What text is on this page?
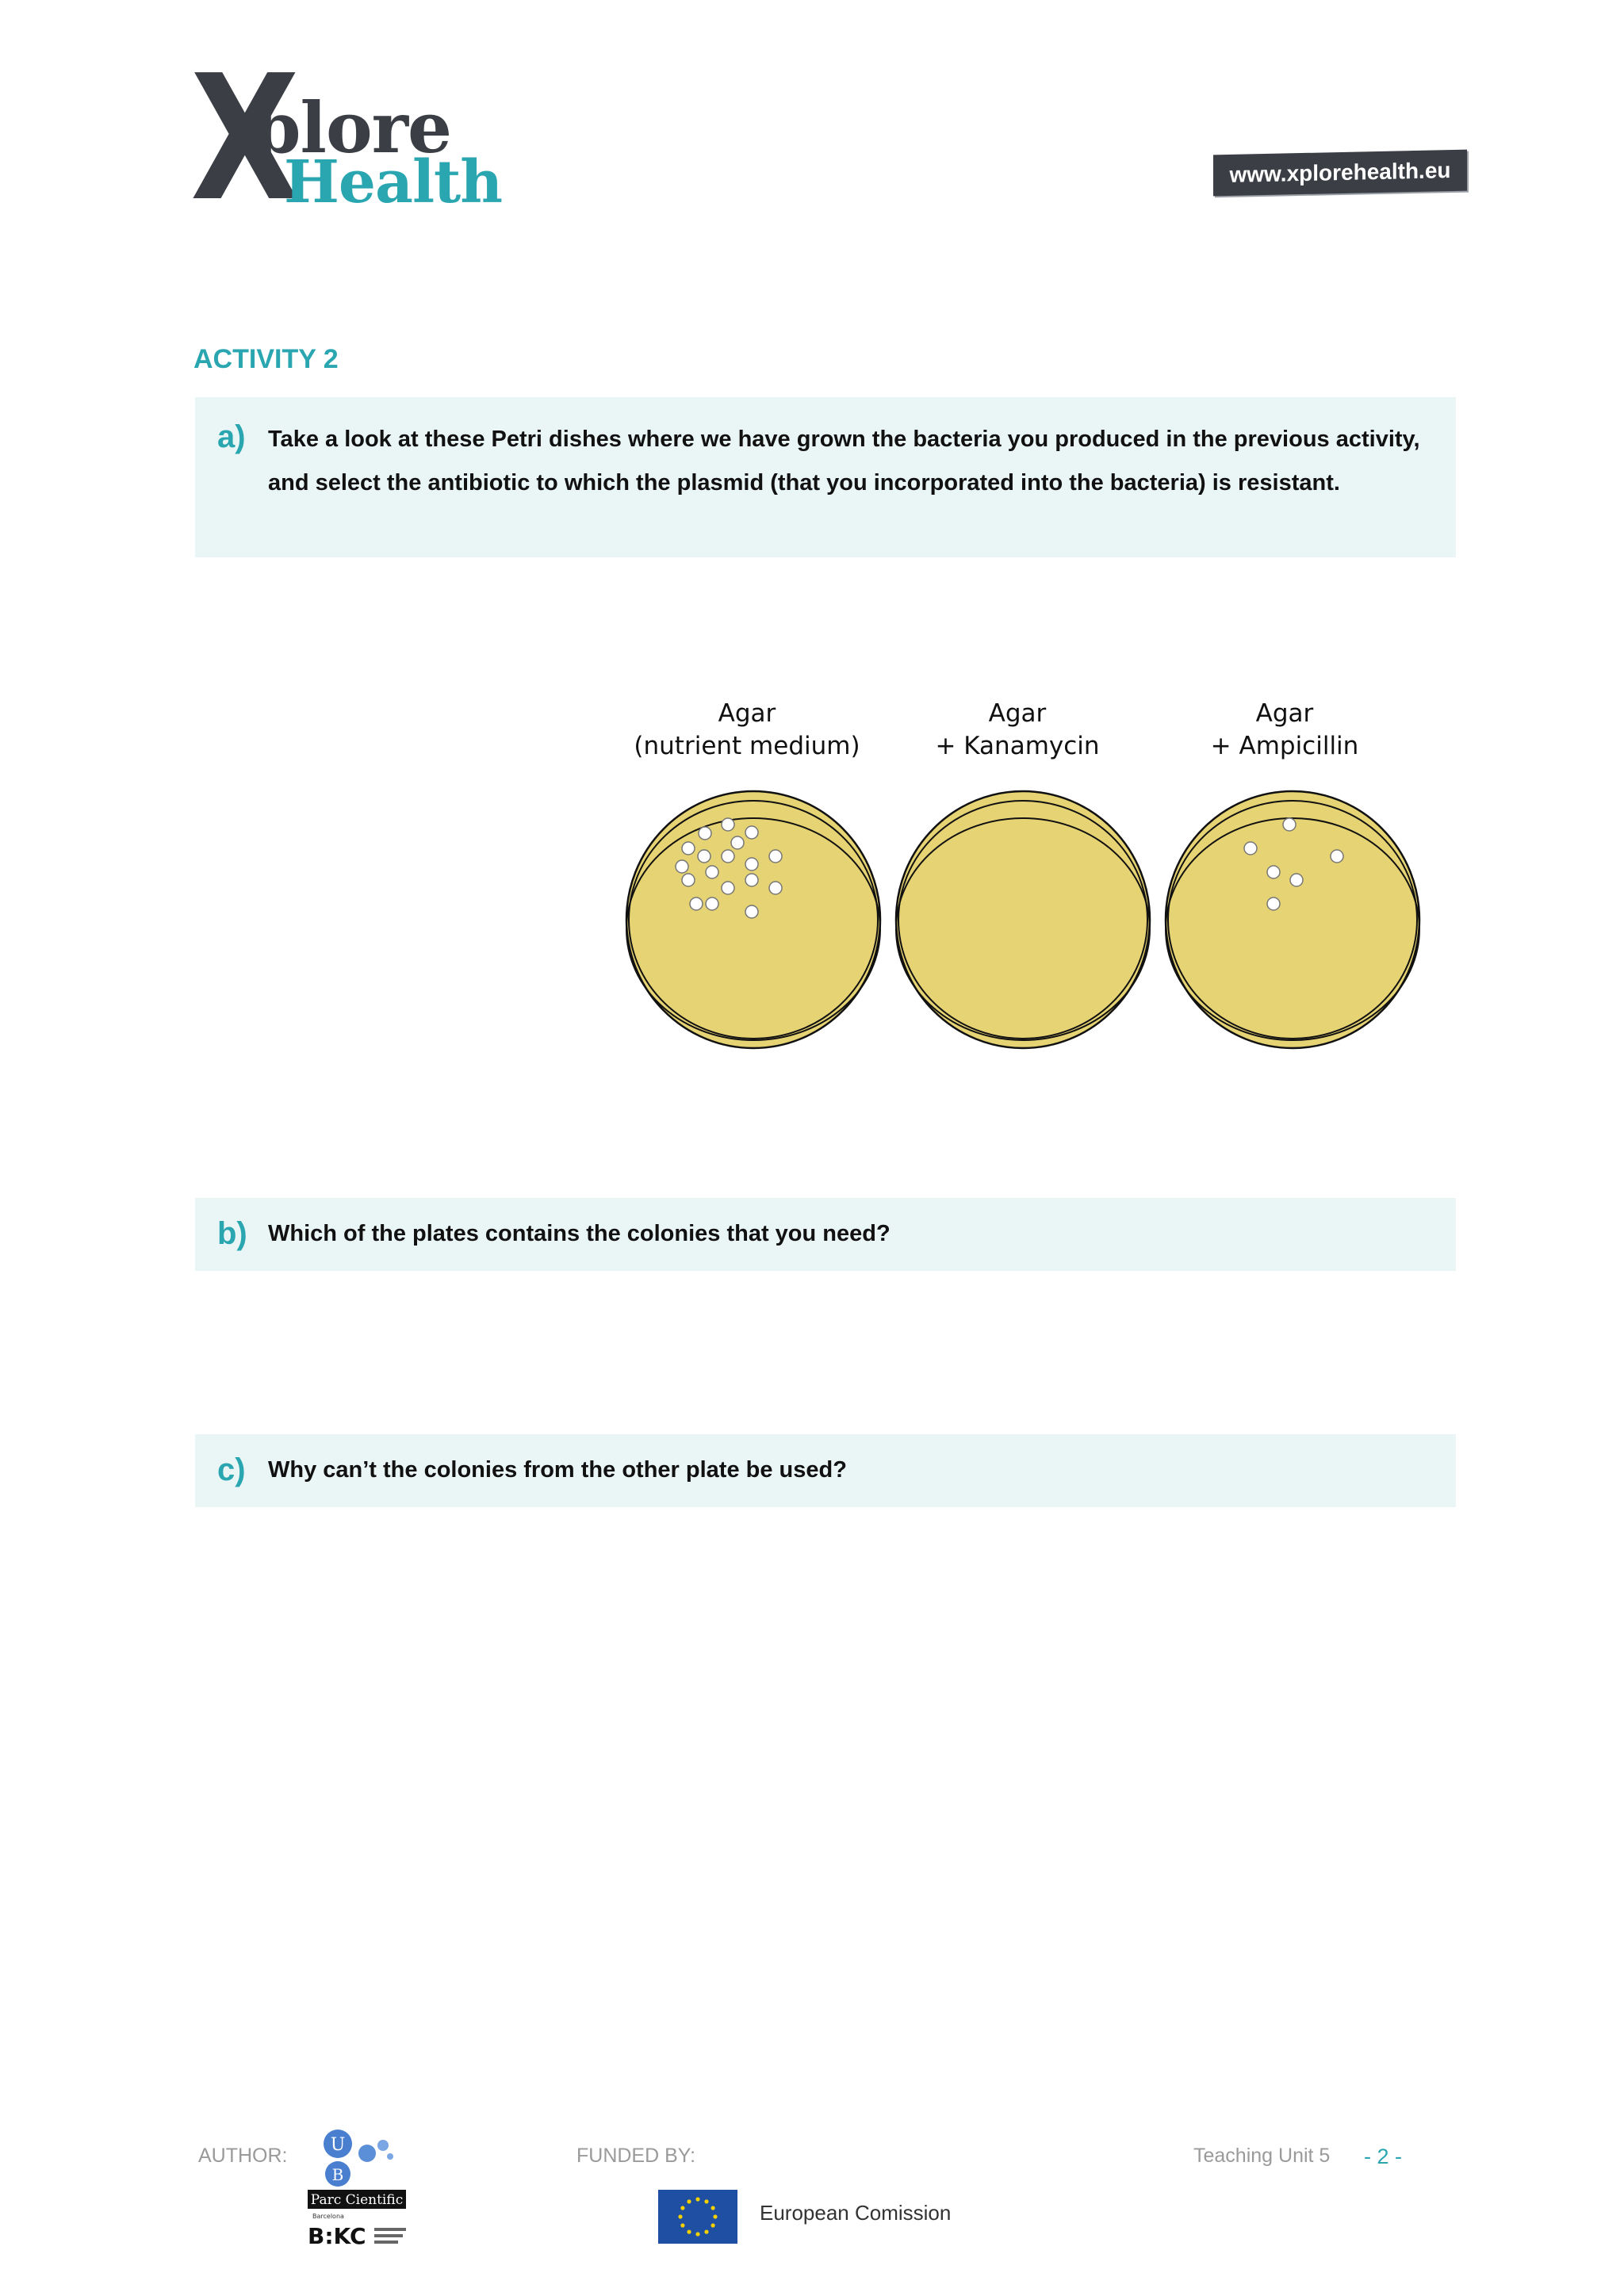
X
plore
Health	www.xplorehealth.eu
ACTIVITY 2
a) Take a look at these Petri dishes where we have grown the bacteria you produced in the previous activity, and select the antibiotic to which the plasmid (that you incorporated into the bacteria) is resistant.
Agar
(nutrient medium)
Agar
+ Kanamycin
Agar
+ Ampicillin
b) Which of the plates contains the colonies that you need?
c) Why can’t the colonies from the other plate be used?
AUTHOR: U
B
Parc Cientific
Barcelona
B:KC
FUNDED BY:
European Comission
Teaching Unit 5 - 2 -
